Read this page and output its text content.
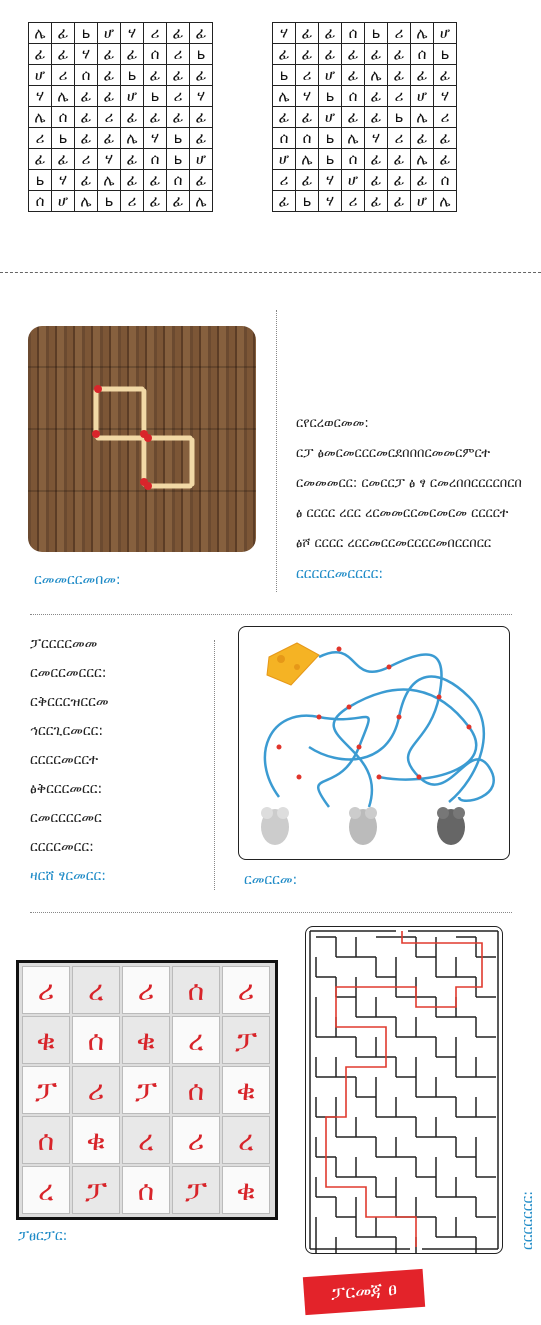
ሌ	ፊ	ь	ሆ	ሃ	ሪ	ፊ	ፊ
ፊ	ፊ	ሃ	ፊ	ፊ	ሰ	ሪ	ь
ሆ	ሪ	ሰ	ፊ	ь	ፊ	ፊ	ፊ
ሃ	ሌ	ፊ	ፊ	ሆ	ь	ሪ	ሃ
ሌ	ሰ	ፊ	ሪ	ፊ	ፊ	ፊ	ፊ
ሪ	ь	ፊ	ፊ	ሌ	ሃ	ь	ፊ
ፊ	ፊ	ሪ	ሃ	ፊ	ሰ	ь	ሆ
ь	ሃ	ፊ	ሌ	ፊ	ፊ	ሰ	ፊ
ሰ	ሆ	ሌ	ь	ሪ	ፊ	ፊ	ሌ
ሃ	ፊ	ፊ	ሰ	ь	ሪ	ሌ	ሆ
ፊ	ፊ	ፊ	ፊ	ፊ	ፊ	ሰ	ь
ь	ሪ	ሆ	ፊ	ሌ	ፊ	ፊ	ፊ
ሌ	ሃ	ь	ሰ	ፊ	ሪ	ሆ	ሃ
ፊ	ፊ	ሆ	ፊ	ፊ	ь	ሌ	ሪ
ሰ	ሰ	ь	ሌ	ሃ	ሪ	ፊ	ፊ
ሆ	ሌ	ь	ሰ	ፊ	ፊ	ሌ	ፊ
ሪ	ፊ	ሃ	ሆ	ፊ	ፊ	ፊ	ሰ
ፊ	ь	ሃ	ሪ	ፊ	ፊ	ሆ	ሌ
ርመመርርመበመ:
ርየርረወርመመ:
ርፓ ፅመርመርርርመርደበበበርመመርምርተ
ርመመመርር: ርመርርፓ ፅ ፃ ርመረበበርርርርበርበ
ፅ ርርርር ረርር ረርመመርርመርመርመ ርርርርተ
ፅሾ ርርርር ረርርመርርመርርርርመበርርበርር
ርርርርርመርርርር:
ፓርርርርመመ
ርመርርመርርር:
ርቅርርርዝርርመ
ኅርርጊርመርር:
ርርርርመርርተ
ፅቅርርርመርር:
ርመርርርርመር
ርርርርመርር:
ዛርሸ ፃርመርር:	ርመርርመ:
ሪ	ረ	ሪ	ሰ	ሪ
ቁ	ሰ	ቁ	ረ	ፓ
ፓ	ሪ	ፓ	ሰ	ቁ
ሰ	ቁ	ረ	ሪ	ረ
ረ	ፓ	ሰ	ፓ	ቁ
ፓፀርፓር:	ርርርርርርር:
ፓርመጃ ፀ
